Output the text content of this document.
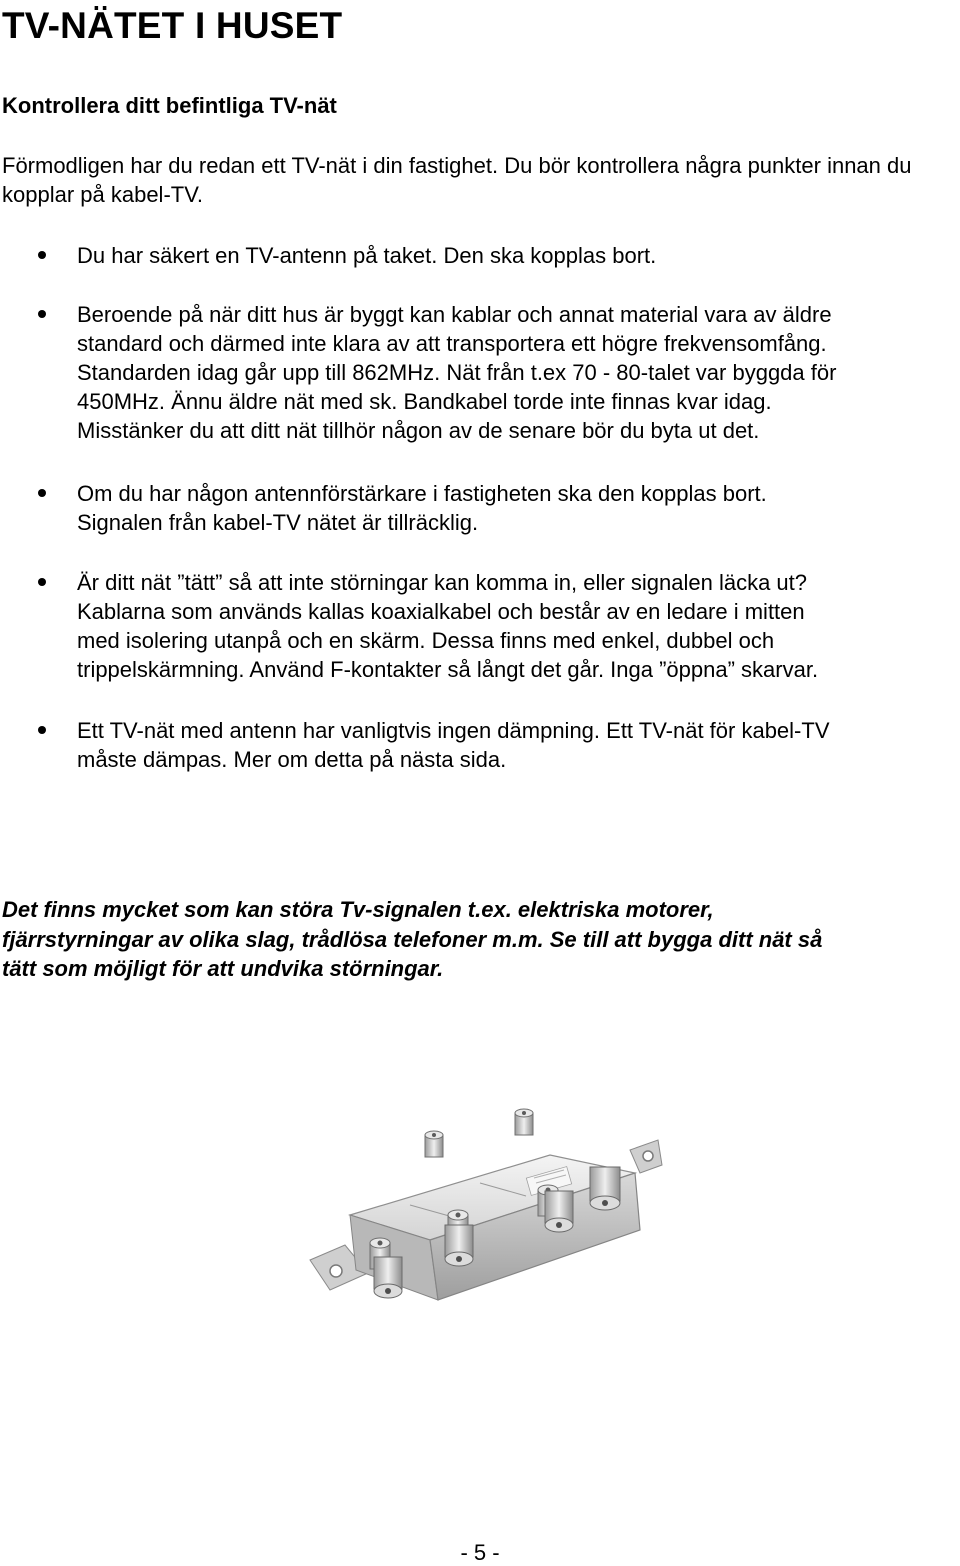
TV-NÄTET I HUSET
Kontrollera ditt befintliga TV-nät

Förmodligen har du redan ett TV-nät i din fastighet. Du bör kontrollera några punkter innan du kopplar på kabel-TV.

Du har säkert en TV-antenn på taket. Den ska kopplas bort.

Beroende på när ditt hus är byggt kan kablar och annat material vara av äldre
standard och därmed inte klara av att transportera ett högre frekvensomfång.
Standarden idag går upp till 862MHz. Nät från t.ex 70 - 80-talet var byggda för
450MHz. Ännu äldre nät med sk. Bandkabel torde inte finnas kvar idag.
Misstänker du att ditt nät tillhör någon av de senare bör du byta ut det.

Om du har någon antennförstärkare i fastigheten ska den kopplas bort.
Signalen från kabel-TV nätet är tillräcklig.

Är ditt nät ”tätt” så att inte störningar kan komma in, eller signalen läcka ut?
Kablarna som används kallas koaxialkabel och består av en ledare i mitten
med isolering utanpå och en skärm. Dessa finns med enkel, dubbel och
trippelskärmning. Använd F-kontakter så långt det går. Inga ”öppna” skarvar.

Ett TV-nät med antenn har vanligtvis ingen dämpning. Ett TV-nät för kabel-TV
måste dämpas. Mer om detta på nästa sida.

Det finns mycket som kan störa Tv-signalen t.ex. elektriska motorer,
fjärrstyrningar av olika slag, trådlösa telefoner m.m. Se till att bygga ditt nät så
tätt som möjligt för att undvika störningar.

- 5 -
